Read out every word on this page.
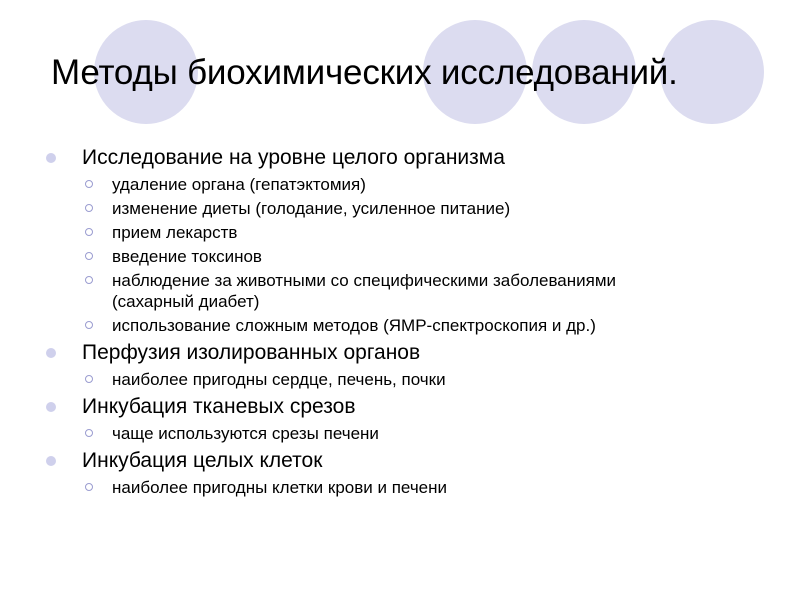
Методы биохимических исследований.
Исследование на уровне целого организма
удаление органа (гепатэктомия)
изменение диеты (голодание, усиленное питание)
прием лекарств
введение токсинов
наблюдение за животными со специфическими заболеваниями (сахарный диабет)
использование сложным методов (ЯМР-спектроскопия и др.)
Перфузия изолированных органов
наиболее пригодны сердце, печень, почки
Инкубация тканевых срезов
чаще используются срезы печени
Инкубация целых клеток
наиболее пригодны клетки крови и печени
